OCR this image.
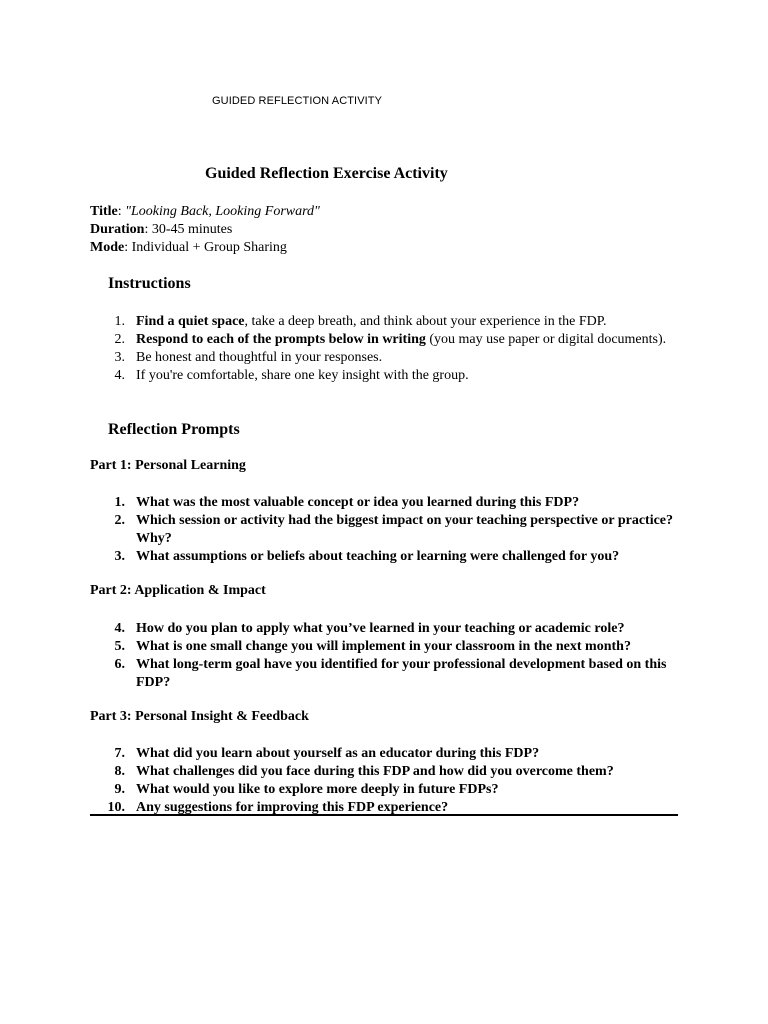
GUIDED REFLECTION ACTIVITY
Guided Reflection Exercise Activity
Title: "Looking Back, Looking Forward"
Duration: 30-45 minutes
Mode: Individual + Group Sharing
Instructions
1. Find a quiet space, take a deep breath, and think about your experience in the FDP.
2. Respond to each of the prompts below in writing (you may use paper or digital documents).
3. Be honest and thoughtful in your responses.
4. If you're comfortable, share one key insight with the group.
Reflection Prompts
Part 1: Personal Learning
1. What was the most valuable concept or idea you learned during this FDP?
2. Which session or activity had the biggest impact on your teaching perspective or practice? Why?
3. What assumptions or beliefs about teaching or learning were challenged for you?
Part 2: Application & Impact
4. How do you plan to apply what you’ve learned in your teaching or academic role?
5. What is one small change you will implement in your classroom in the next month?
6. What long-term goal have you identified for your professional development based on this FDP?
Part 3: Personal Insight & Feedback
7. What did you learn about yourself as an educator during this FDP?
8. What challenges did you face during this FDP and how did you overcome them?
9. What would you like to explore more deeply in future FDPs?
10. Any suggestions for improving this FDP experience?
